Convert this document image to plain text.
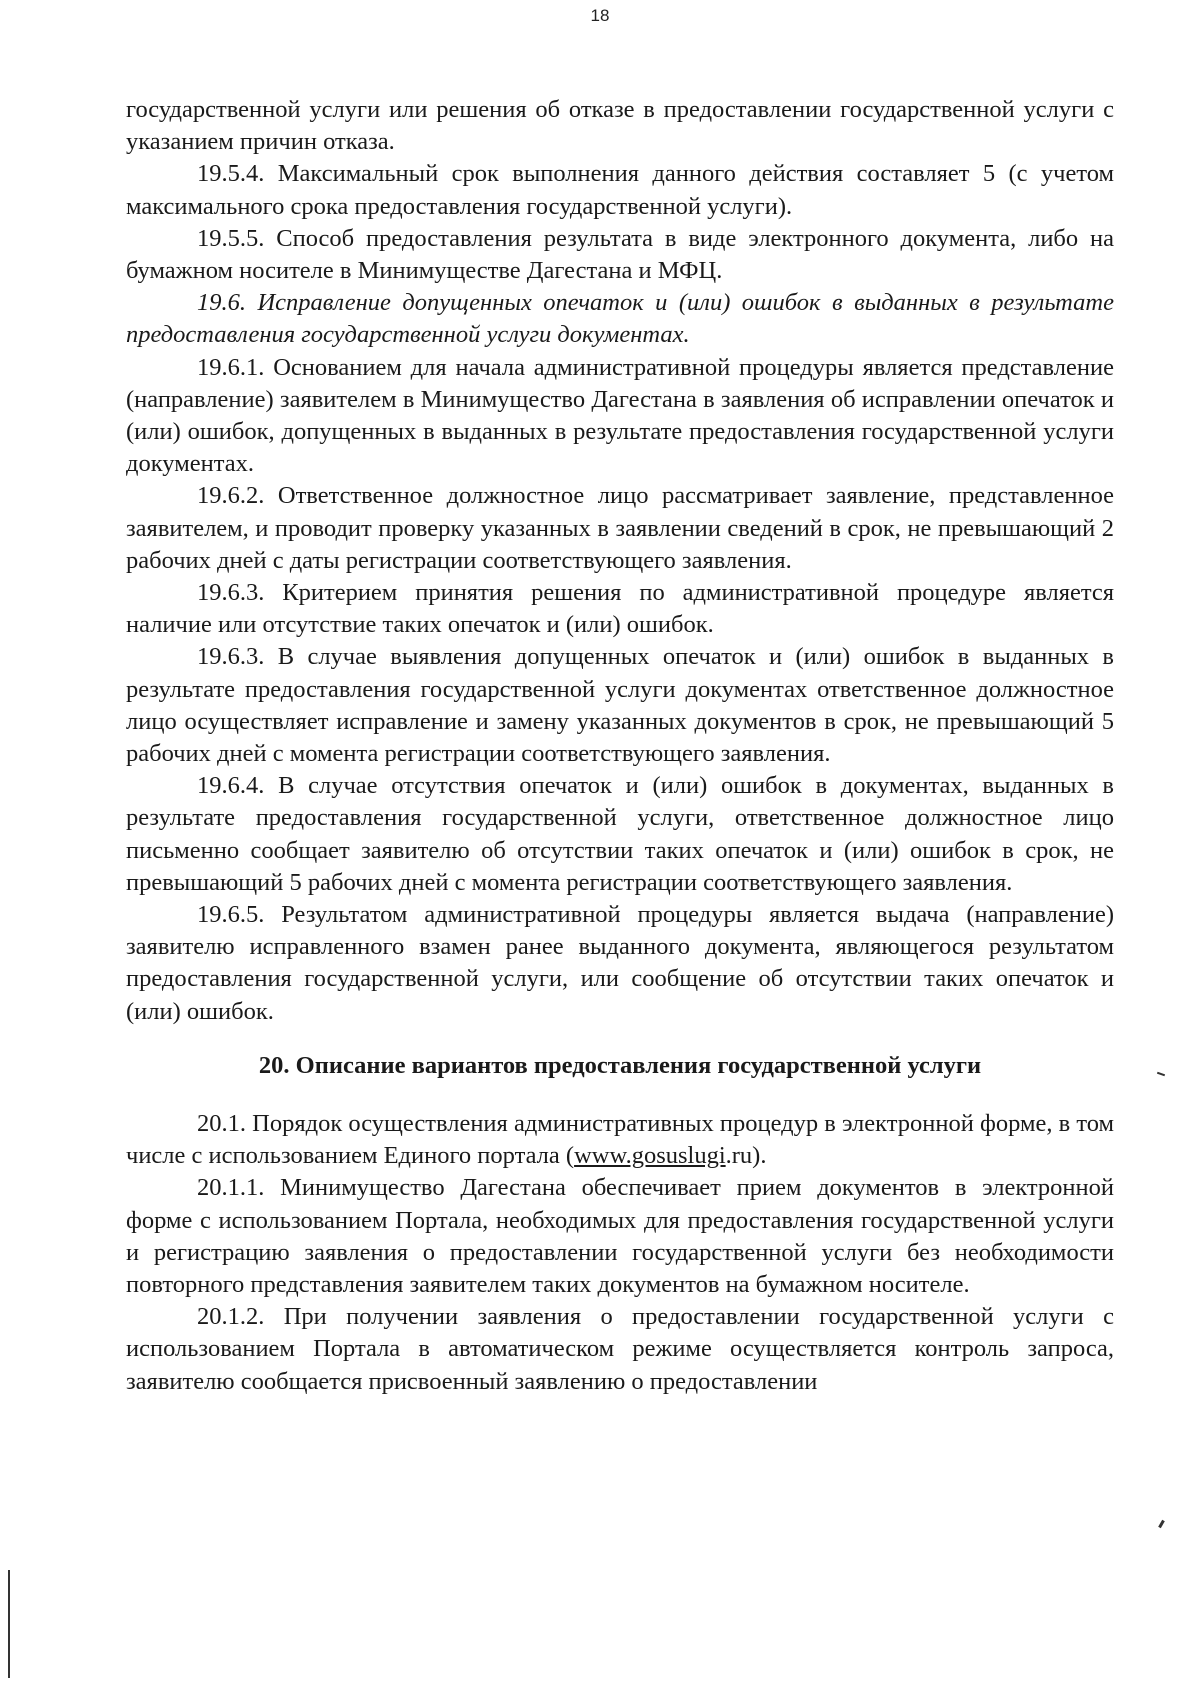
18

государственной услуги или решения об отказе в предоставлении государственной услуги с указанием причин отказа.

19.5.4. Максимальный срок выполнения данного действия составляет 5 (с учетом максимального срока предоставления государственной услуги).

19.5.5. Способ предоставления результата в виде электронного документа, либо на бумажном носителе в Минимуществе Дагестана и МФЦ.

19.6. Исправление допущенных опечаток и (или) ошибок в выданных в результате предоставления государственной услуги документах.

19.6.1. Основанием для начала административной процедуры является представление (направление) заявителем в Минимущество Дагестана в заявления об исправлении опечаток и (или) ошибок, допущенных в выданных в результате предоставления государственной услуги документах.

19.6.2. Ответственное должностное лицо рассматривает заявление, представленное заявителем, и проводит проверку указанных в заявлении сведений в срок, не превышающий 2 рабочих дней с даты регистрации соответствующего заявления.

19.6.3. Критерием принятия решения по административной процедуре является наличие или отсутствие таких опечаток и (или) ошибок.

19.6.3. В случае выявления допущенных опечаток и (или) ошибок в выданных в результате предоставления государственной услуги документах ответственное должностное лицо осуществляет исправление и замену указанных документов в срок, не превышающий 5 рабочих дней с момента регистрации соответствующего заявления.

19.6.4. В случае отсутствия опечаток и (или) ошибок в документах, выданных в результате предоставления государственной услуги, ответственное должностное лицо письменно сообщает заявителю об отсутствии таких опечаток и (или) ошибок в срок, не превышающий 5 рабочих дней с момента регистрации соответствующего заявления.

19.6.5. Результатом административной процедуры является выдача (направление) заявителю исправленного взамен ранее выданного документа, являющегося результатом предоставления государственной услуги, или сообщение об отсутствии таких опечаток и (или) ошибок.

20. Описание вариантов предоставления государственной услуги

20.1. Порядок осуществления административных процедур в электронной форме, в том числе с использованием Единого портала (www.gosuslugi.ru).

20.1.1. Минимущество Дагестана обеспечивает прием документов в электронной форме с использованием Портала, необходимых для предоставления государственной услуги и регистрацию заявления о предоставлении государственной услуги без необходимости повторного представления заявителем таких документов на бумажном носителе.

20.1.2. При получении заявления о предоставлении государственной услуги с использованием Портала в автоматическом режиме осуществляется контроль запроса, заявителю сообщается присвоенный заявлению о предоставлении
